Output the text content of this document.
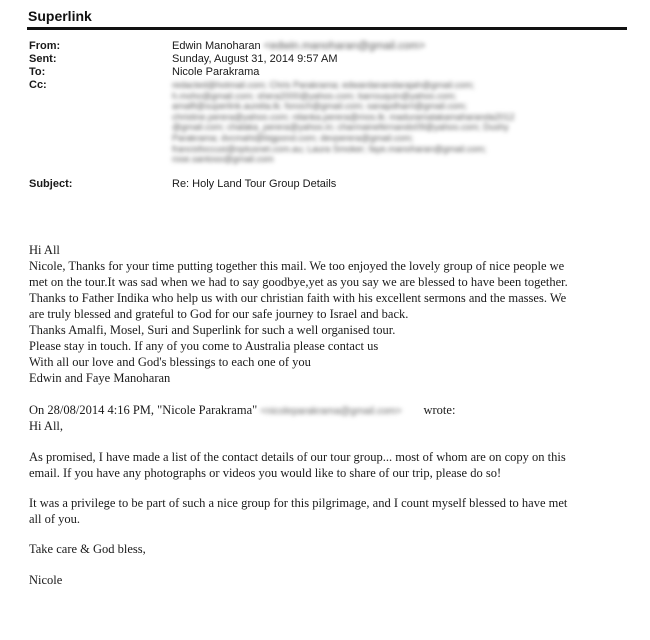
Superlink
From:	Edwin Manoharan <edwin.manoharan@gmail.com>
Sent:	Sunday, August 31, 2014 9:57 AM
To:	Nicole Parakrama
Cc:	redacted@hotmail.com; Chris Parakrama; edwardanandarajah@gmail.com;
h.moho@gmail.com; shera2000@yahoo.com; barrouquin@yahoo.com;
amalfi@superlink.aurelia.lk; fonoch@gmail.com; sanapdharri@gmail.com;
christine.perera@yahoo.com; nilanka.perera@mos.lk; maduramalakamaharanda2012
@gmail.com; chalaka_perera@yahoo.in; charmainefernando09@yahoo.com; Dushy
Parakrama; dvcmahi@bigpond.com; devperera@gmail.com;
francisfoccusi@optusnet.com.au; Laura Smoker; faye.manoharan@gmail.com;
rose.santoso@gmail.com
Subject:	Re: Holy Land Tour Group Details
Hi All
Nicole, Thanks for your time putting together this mail. We too enjoyed the lovely group of nice people we
met on the tour.It was sad when we had to say goodbye,yet as you say we are blessed to have been together.
Thanks to Father Indika who help us with our christian faith with his excellent sermons and the masses. We
are truly blessed and grateful to God for our safe journey to Israel and back.
Thanks Amalfi, Mosel, Suri and Superlink for such a well organised tour.
Please stay in touch. If any of you come to Australia please contact us
With all our love and God's blessings to each one of you
Edwin and Faye Manoharan
On 28/08/2014 4:16 PM, "Nicole Parakrama" <nicoleparakrama@gmail.com> wrote:
Hi All,
As promised, I have made a list of the contact details of our tour group... most of whom are on copy on this
email. If you have any photographs or videos you would like to share of our trip, please do so!
It was a privilege to be part of such a nice group for this pilgrimage, and I count myself blessed to have met
all of you.
Take care & God bless,
Nicole
